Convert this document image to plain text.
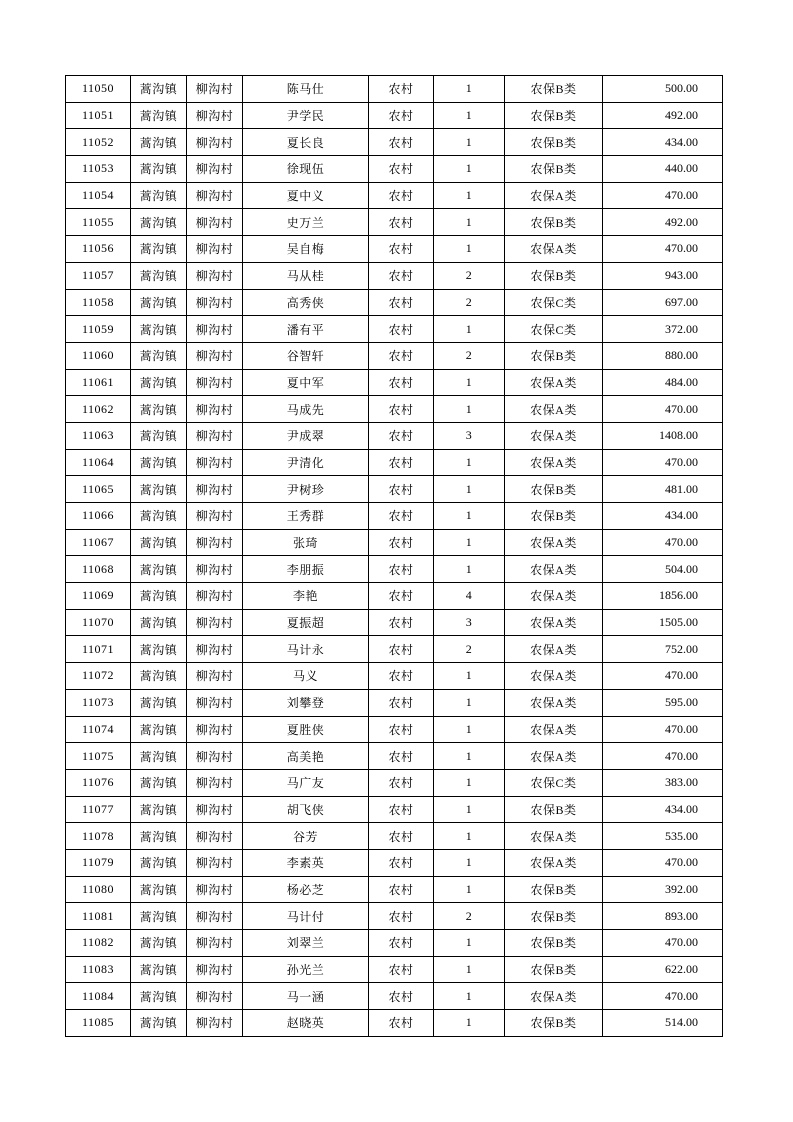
11050	蒿沟镇	柳沟村	陈马仕	农村	1	农保B类	500.00
11051	蒿沟镇	柳沟村	尹学民	农村	1	农保B类	492.00
11052	蒿沟镇	柳沟村	夏长良	农村	1	农保B类	434.00
11053	蒿沟镇	柳沟村	徐现伍	农村	1	农保B类	440.00
11054	蒿沟镇	柳沟村	夏中义	农村	1	农保A类	470.00
11055	蒿沟镇	柳沟村	史万兰	农村	1	农保B类	492.00
11056	蒿沟镇	柳沟村	吴自梅	农村	1	农保A类	470.00
11057	蒿沟镇	柳沟村	马从桂	农村	2	农保B类	943.00
11058	蒿沟镇	柳沟村	高秀侠	农村	2	农保C类	697.00
11059	蒿沟镇	柳沟村	潘有平	农村	1	农保C类	372.00
11060	蒿沟镇	柳沟村	谷智轩	农村	2	农保B类	880.00
11061	蒿沟镇	柳沟村	夏中军	农村	1	农保A类	484.00
11062	蒿沟镇	柳沟村	马成先	农村	1	农保A类	470.00
11063	蒿沟镇	柳沟村	尹成翠	农村	3	农保A类	1408.00
11064	蒿沟镇	柳沟村	尹清化	农村	1	农保A类	470.00
11065	蒿沟镇	柳沟村	尹树珍	农村	1	农保B类	481.00
11066	蒿沟镇	柳沟村	王秀群	农村	1	农保B类	434.00
11067	蒿沟镇	柳沟村	张琦	农村	1	农保A类	470.00
11068	蒿沟镇	柳沟村	李朋振	农村	1	农保A类	504.00
11069	蒿沟镇	柳沟村	李艳	农村	4	农保A类	1856.00
11070	蒿沟镇	柳沟村	夏振超	农村	3	农保A类	1505.00
11071	蒿沟镇	柳沟村	马计永	农村	2	农保A类	752.00
11072	蒿沟镇	柳沟村	马义	农村	1	农保A类	470.00
11073	蒿沟镇	柳沟村	刘攀登	农村	1	农保A类	595.00
11074	蒿沟镇	柳沟村	夏胜侠	农村	1	农保A类	470.00
11075	蒿沟镇	柳沟村	高美艳	农村	1	农保A类	470.00
11076	蒿沟镇	柳沟村	马广友	农村	1	农保C类	383.00
11077	蒿沟镇	柳沟村	胡飞侠	农村	1	农保B类	434.00
11078	蒿沟镇	柳沟村	谷芳	农村	1	农保A类	535.00
11079	蒿沟镇	柳沟村	李素英	农村	1	农保A类	470.00
11080	蒿沟镇	柳沟村	杨必芝	农村	1	农保B类	392.00
11081	蒿沟镇	柳沟村	马计付	农村	2	农保B类	893.00
11082	蒿沟镇	柳沟村	刘翠兰	农村	1	农保B类	470.00
11083	蒿沟镇	柳沟村	孙光兰	农村	1	农保B类	622.00
11084	蒿沟镇	柳沟村	马一涵	农村	1	农保A类	470.00
11085	蒿沟镇	柳沟村	赵晓英	农村	1	农保B类	514.00
